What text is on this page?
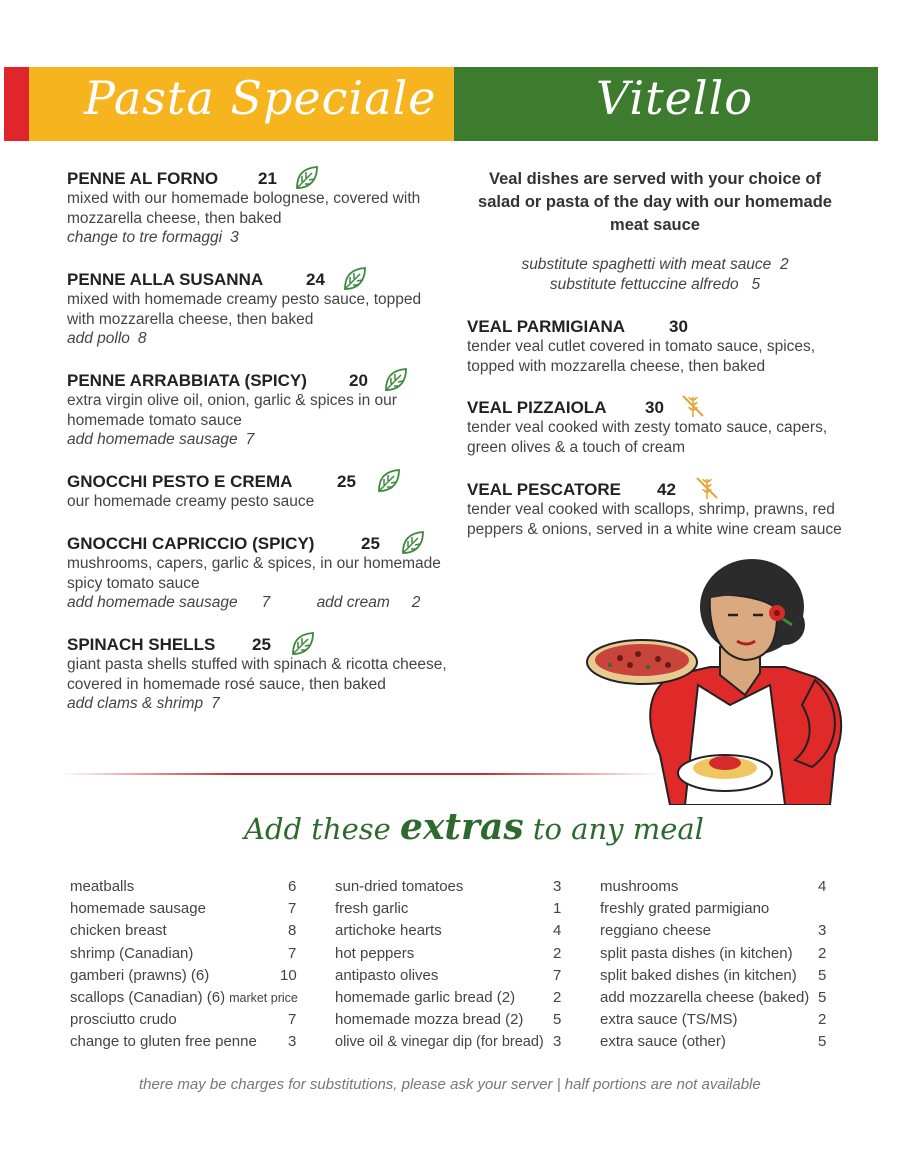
Pasta Speciale	Vitello
PENNE AL FORNO 21
mixed with our homemade bolognese, covered with mozzarella cheese, then baked
change to tre formaggi 3
PENNE ALLA SUSANNA	24
mixed with homemade creamy pesto sauce, topped with mozzarella cheese, then baked
add pollo 8
PENNE ARRABBIATA (SPICY) 20
extra virgin olive oil, onion, garlic & spices in our homemade tomato sauce
add homemade sausage 7
GNOCCHI PESTO E CREMA	25
our homemade creamy pesto sauce
GNOCCHI CAPRICCIO (SPICY)	25
mushrooms, capers, garlic & spices, in our homemade spicy tomato sauce
add homemade sausage 7	add cream 2
SPINACH SHELLS 25
giant pasta shells stuffed with spinach & ricotta cheese, covered in homemade rosé sauce, then baked
add clams & shrimp 7
Veal dishes are served with your choice of salad or pasta of the day with our homemade meat sauce
substitute spaghetti with meat sauce 2
substitute fettuccine alfredo 5
VEAL PARMIGIANA	30
tender veal cutlet covered in tomato sauce, spices, topped with mozzarella cheese, then baked
VEAL PIZZAIOLA 30
tender veal cooked with zesty tomato sauce, capers, green olives & a touch of cream
VEAL PESCATORE 42
tender veal cooked with scallops, shrimp, prawns, red peppers & onions, served in a white wine cream sauce
Add these extras to any meal
meatballs	6
homemade sausage	7
chicken breast	8
shrimp (Canadian)	7
gamberi (prawns) (6)	10
scallops (Canadian) (6) market price
prosciutto crudo	7
change to gluten free penne 3
sun-dried tomatoes	3
fresh garlic	1
artichoke hearts	4
hot peppers	2
antipasto olives	7
homemade garlic bread (2)	2
homemade mozza bread (2) 5
olive oil & vinegar dip (for bread) 3
mushrooms	4
freshly grated parmigiano
reggiano cheese	3
split pasta dishes (in kitchen) 2
split baked dishes (in kitchen) 5
add mozzarella cheese (baked) 5
extra sauce (TS/MS)	2
extra sauce (other)	5
there may be charges for substitutions, please ask your server | half portions are not available
